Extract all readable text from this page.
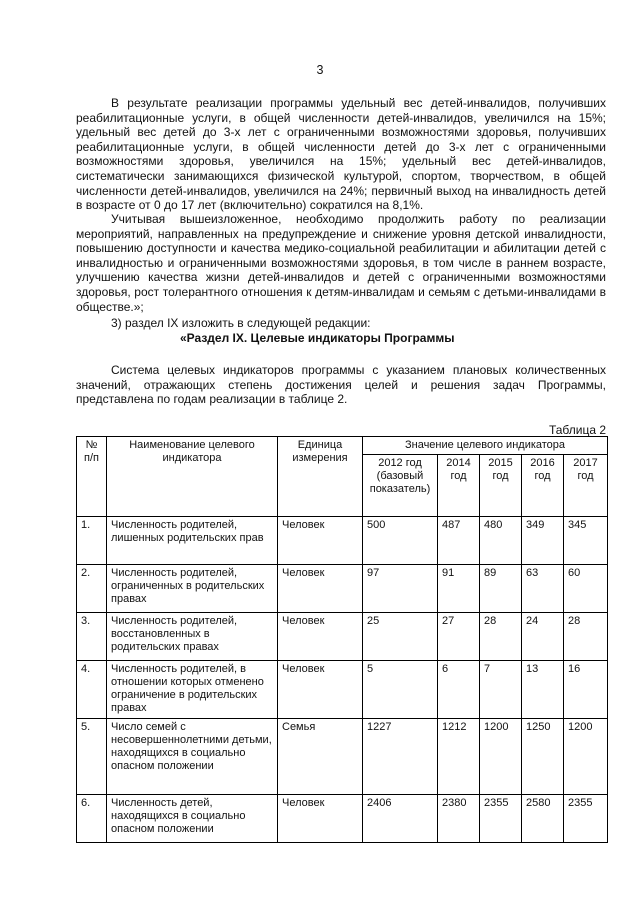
3

В результате реализации программы удельный вес детей-инвалидов, получивших реабилитационные услуги, в общей численности детей-инвалидов, увеличился на 15%; удельный вес детей до 3-х лет с ограниченными возможностями здоровья, получивших реабилитационные услуги, в общей численности детей до 3-х лет с ограниченными возможностями здоровья, увеличился на 15%; удельный вес детей-инвалидов, систематически занимающихся физической культурой, спортом, творчеством, в общей численности детей-инвалидов, увеличился на 24%; первичный выход на инвалидность детей в возрасте от 0 до 17 лет (включительно) сократился на 8,1%.

Учитывая вышеизложенное, необходимо продолжить работу по реализации мероприятий, направленных на предупреждение и снижение уровня детской инвалидности, повышению доступности и качества медико-социальной реабилитации и абилитации детей с инвалидностью и ограниченными возможностями здоровья, в том числе в раннем возрасте, улучшению качества жизни детей-инвалидов и детей с ограниченными возможностями здоровья, рост толерантного отношения к детям-инвалидам и семьям с детьми-инвалидами в обществе.»;

3) раздел IX изложить в следующей редакции:

«Раздел IX. Целевые индикаторы Программы

Система целевых индикаторов программы с указанием плановых количественных значений, отражающих степень достижения целей и решения задач Программы, представлена по годам реализации в таблице 2.

Таблица 2
№ п/п	Наименование целевого индикатора	Единица измерения	Значение целевого индикатора				
			2012 год (базовый показатель)	2014 год	2015 год	2016 год	2017 год
1.	Численность родителей, лишенных родительских прав	Человек	500	487	480	349	345
2.	Численность родителей, ограниченных в родительских правах	Человек	97	91	89	63	60
3.	Численность родителей, восстановленных в родительских правах	Человек	25	27	28	24	28
4.	Численность родителей, в отношении которых отменено ограничение в родительских правах	Человек	5	6	7	13	16
5.	Число семей с несовершеннолетними детьми, находящихся в социально опасном положении	Семья	1227	1212	1200	1250	1200
6.	Численность детей, находящихся в социально опасном положении	Человек	2406	2380	2355	2580	2355
